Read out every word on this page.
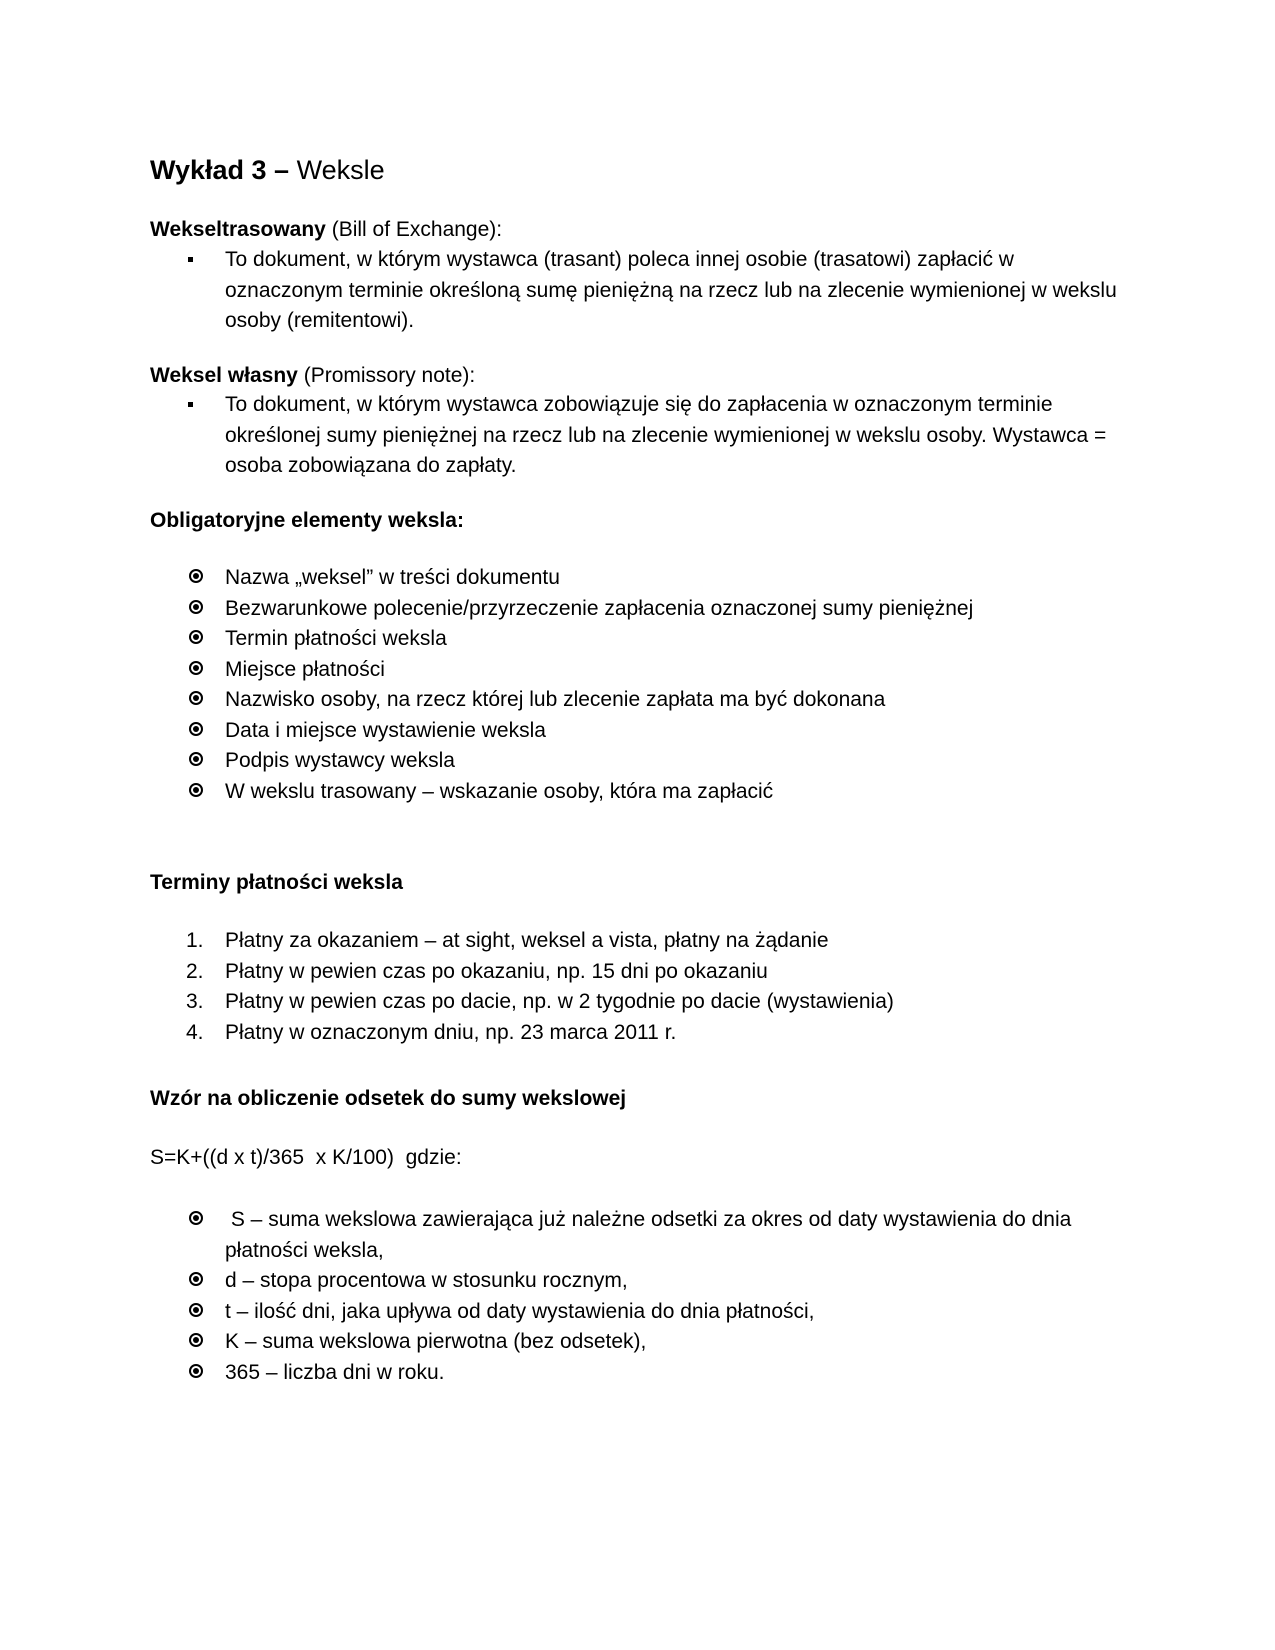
Wykład 3 – Weksle
Wekseltrasowany (Bill of Exchange):
To dokument, w którym wystawca (trasant) poleca innej osobie (trasatowi) zapłacić w oznaczonym terminie określoną sumę pieniężną na rzecz lub na zlecenie wymienionej w wekslu osoby (remitentowi).
Weksel własny (Promissory note):
To dokument, w którym wystawca zobowiązuje się do zapłacenia w oznaczonym terminie określonej sumy pieniężnej na rzecz lub na zlecenie wymienionej w wekslu osoby. Wystawca = osoba zobowiązana do zapłaty.
Obligatoryjne elementy weksla:
Nazwa „weksel” w treści dokumentu
Bezwarunkowe polecenie/przyrzeczenie zapłacenia oznaczonej sumy pieniężnej
Termin płatności weksla
Miejsce płatności
Nazwisko osoby, na rzecz której lub zlecenie zapłata ma być dokonana
Data i miejsce wystawienie weksla
Podpis wystawcy weksla
W wekslu trasowany – wskazanie osoby, która ma zapłacić
Terminy płatności weksla
1. Płatny za okazaniem – at sight, weksel a vista, płatny na żądanie
2. Płatny w pewien czas po okazaniu, np. 15 dni po okazaniu
3. Płatny w pewien czas po dacie, np. w 2 tygodnie po dacie (wystawienia)
4. Płatny w oznaczonym dniu, np. 23 marca 2011 r.
Wzór na obliczenie odsetek do sumy wekslowej
S=K+((d x t)/365  x K/100)  gdzie:
S – suma wekslowa zawierająca już należne odsetki za okres od daty wystawienia do dnia płatności weksla,
d – stopa procentowa w stosunku rocznym,
t – ilość dni, jaka upływa od daty wystawienia do dnia płatności,
K – suma wekslowa pierwotna (bez odsetek),
365 – liczba dni w roku.
